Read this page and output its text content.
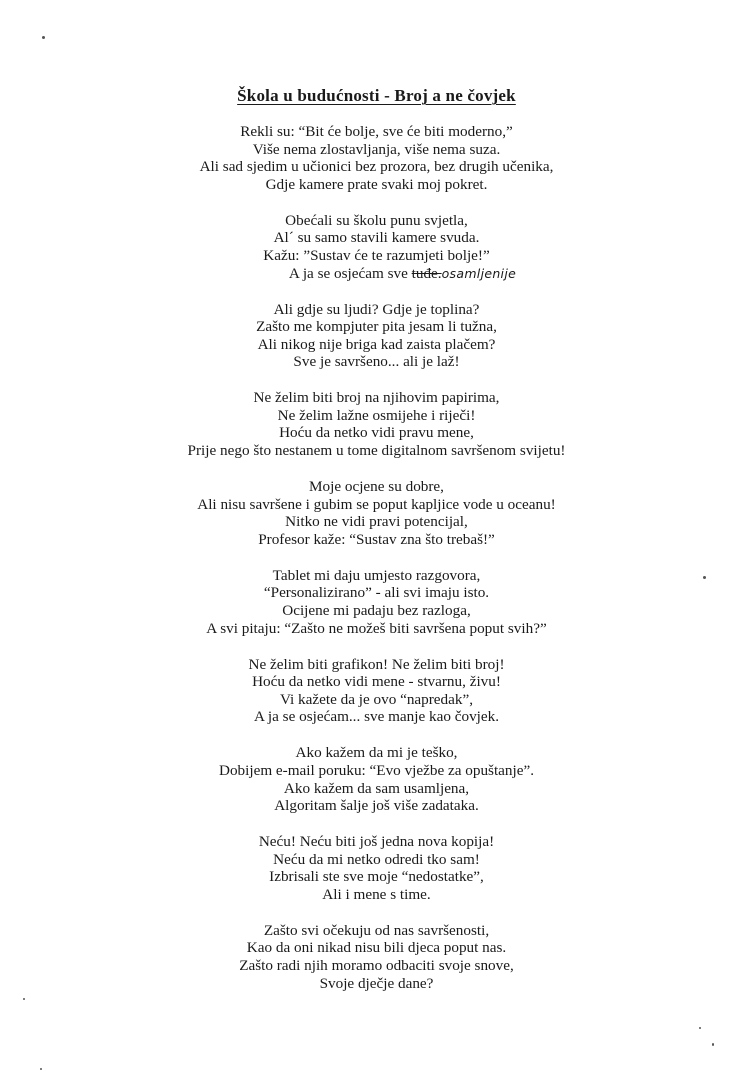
Škola u budućnosti - Broj a ne čovjek
Rekli su: “Bit će bolje, sve će biti moderno,”
Više nema zlostavljanja, više nema suza.
Ali sad sjedim u učionici bez prozora, bez drugih učenika,
Gdje kamere prate svaki moj pokret.
Obećali su školu punu svjetla,
Al´ su samo stavili kamere svuda.
Kažu: ”Sustav će te razumjeti bolje!”
A ja se osjećam sve tuđe.osamljenije
Ali gdje su ljudi? Gdje je toplina?
Zašto me kompjuter pita jesam li tužna,
Ali nikog nije briga kad zaista plačem?
Sve je savršeno... ali je laž!
Ne želim biti broj na njihovim papirima,
Ne želim lažne osmijehe i riječi!
Hoću da netko vidi pravu mene,
Prije nego što nestanem u tome digitalnom savršenom svijetu!
Moje ocjene su dobre,
Ali nisu savršene i gubim se poput kapljice vode u oceanu!
Nitko ne vidi pravi potencijal,
Profesor kaže: “Sustav zna što trebaš!”
Tablet mi daju umjesto razgovora,
“Personalizirano” - ali svi imaju isto.
Ocijene mi padaju bez razloga,
A svi pitaju: “Zašto ne možeš biti savršena poput svih?”
Ne želim biti grafikon! Ne želim biti broj!
Hoću da netko vidi mene - stvarnu, živu!
Vi kažete da je ovo “napredak”,
A ja se osjećam... sve manje kao čovjek.
Ako kažem da mi je teško,
Dobijem e-mail poruku: “Evo vježbe za opuštanje”.
Ako kažem da sam usamljena,
Algoritam šalje još više zadataka.
Neću! Neću biti još jedna nova kopija!
Neću da mi netko odredi tko sam!
Izbrisali ste sve moje “nedostatke”,
Ali i mene s time.
Zašto svi očekuju od nas savršenosti,
Kao da oni nikad nisu bili djeca poput nas.
Zašto radi njih moramo odbaciti svoje snove,
Svoje dječje dane?
